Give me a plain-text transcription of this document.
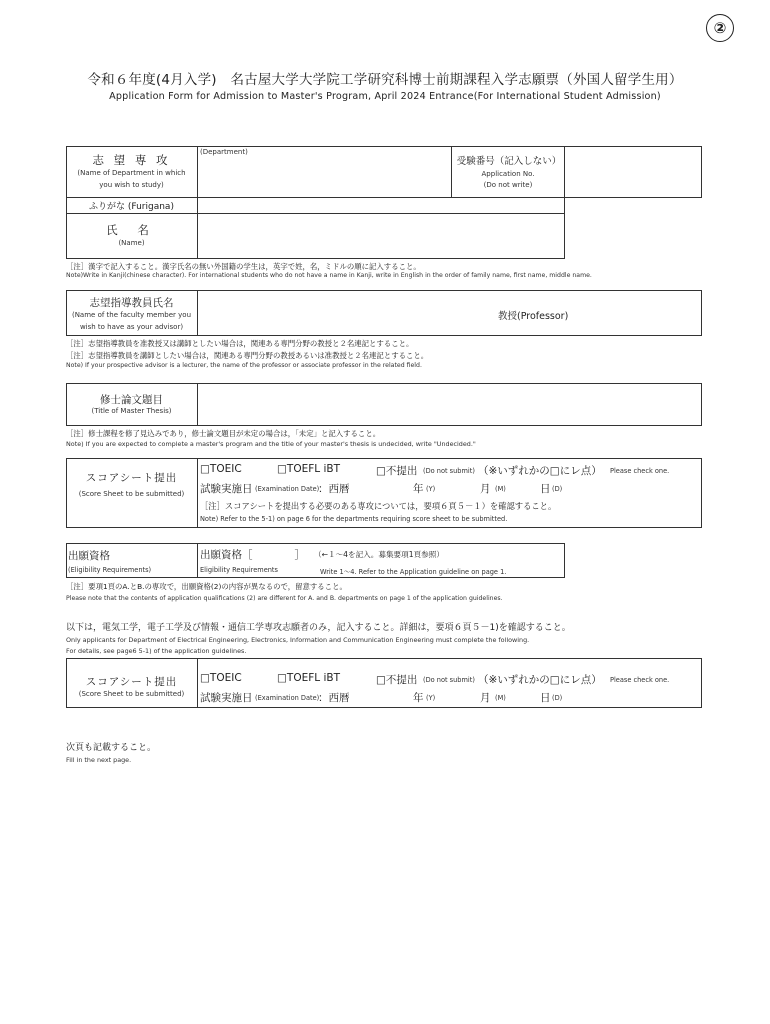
②
令和６年度(4月入学)　名古屋大学大学院工学研究科博士前期課程入学志願票（外国人留学生用）
Application Form for Admission to Master's Program, April 2024 Entrance(For International Student Admission)
志 望 専 攻
(Name of Department in which
you wish to study)
(Department)
受験番号（記入しない）
Application No.
(Do not write)
ふりがな (Furigana)
氏 名
(Name)
［注］漢字で記入すること。漢字氏名の無い外国籍の学生は，英字で姓，名，ミドルの順に記入すること。
Note)Write in Kanji(chinese character). For international students who do not have a name in Kanji, write in English in the order of family name, first name, middle name.
志望指導教員氏名
(Name of the faculty member you
wish to have as your advisor)
教授(Professor)
［注］志望指導教員を准教授又は講師としたい場合は，関連ある専門分野の教授と２名連記とすること。
［注］志望指導教員を講師としたい場合は，関連ある専門分野の教授あるいは准教授と２名連記とすること。
Note) If your prospective advisor is a lecturer, the name of the professor or associate professor in the related field.
修士論文題目
(Title of Master Thesis)
［注］修士課程を修了見込みであり，修士論文題目が未定の場合は，「未定」と記入すること。
Note) If you are expected to complete a master's program and the title of your master's thesis is undecided, write "Undecided."
スコアシート提出
(Score Sheet to be submitted)
□TOEIC	□TOEFL iBT	□不提出 (Do not submit) （※いずれかの□にレ点） Please check one.
試験実施日 (Examination Date)
：西暦	年 (Y)	月 (M)	日 (D)
［注］スコアシートを提出する必要のある専攻については，要項６頁５－１）を確認すること。
Note) Refer to the 5-1) on page 6 for the departments requiring score sheet to be submitted.
出願資格
(Eligibility Requirements)
出願資格［　　　　］ （←１～4を記入。募集要項1頁参照）
Eligibility Requirements	Write 1～4. Refer to the Application guideline on page 1.
［注］要項1頁のA.とB.の専攻で，出願資格(2)の内容が異なるので，留意すること。
Please note that the contents of application qualifications (2) are different for A. and B. departments on page 1 of the application guidelines.
以下は，電気工学，電子工学及び情報・通信工学専攻志願者のみ，記入すること。詳細は，要項６頁５－1)を確認すること。
Only applicants for Department of Electrical Engineering, Electronics, Information and Communication Engineering must complete the following.
For details, see page6 5-1) of the application guidelines.
スコアシート提出
(Score Sheet to be submitted)
□TOEIC	□TOEFL iBT	□不提出 (Do not submit) （※いずれかの□にレ点） Please check one.
試験実施日 (Examination Date)
：西暦	年 (Y)	月 (M)	日 (D)
次頁も記載すること。
Fill in the next page.
